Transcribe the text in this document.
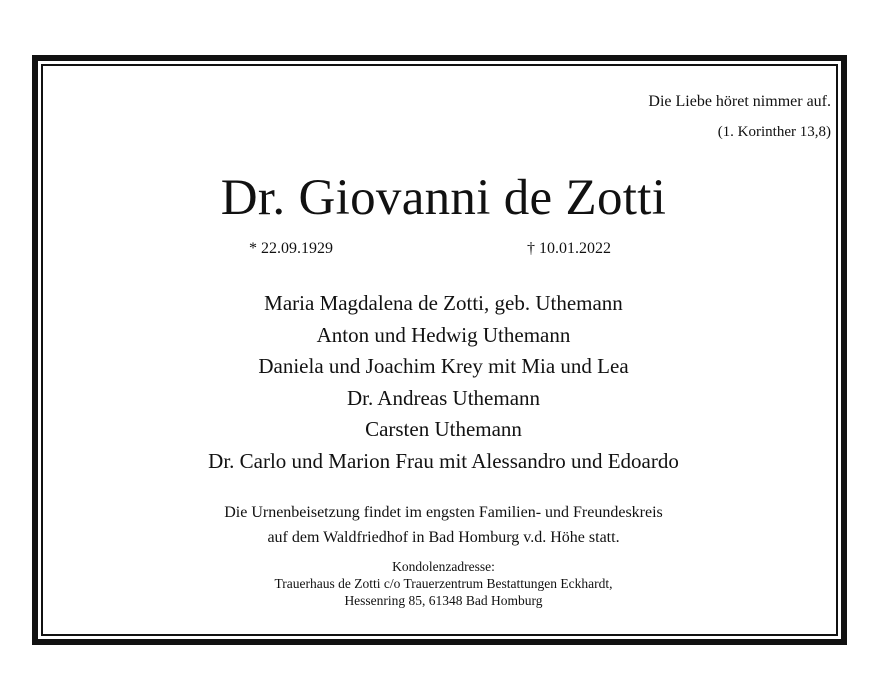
Die Liebe höret nimmer auf.
(1. Korinther 13,8)
Dr. Giovanni de Zotti
* 22.09.1929	† 10.01.2022
Maria Magdalena de Zotti, geb. Uthemann
Anton und Hedwig Uthemann
Daniela und Joachim Krey mit Mia und Lea
Dr. Andreas Uthemann
Carsten Uthemann
Dr. Carlo und Marion Frau mit Alessandro und Edoardo
Die Urnenbeisetzung findet im engsten Familien- und Freundeskreis
auf dem Waldfriedhof in Bad Homburg v.d. Höhe statt.
Kondolenzadresse:
Trauerhaus de Zotti c/o Trauerzentrum Bestattungen Eckhardt,
Hessenring 85, 61348 Bad Homburg
